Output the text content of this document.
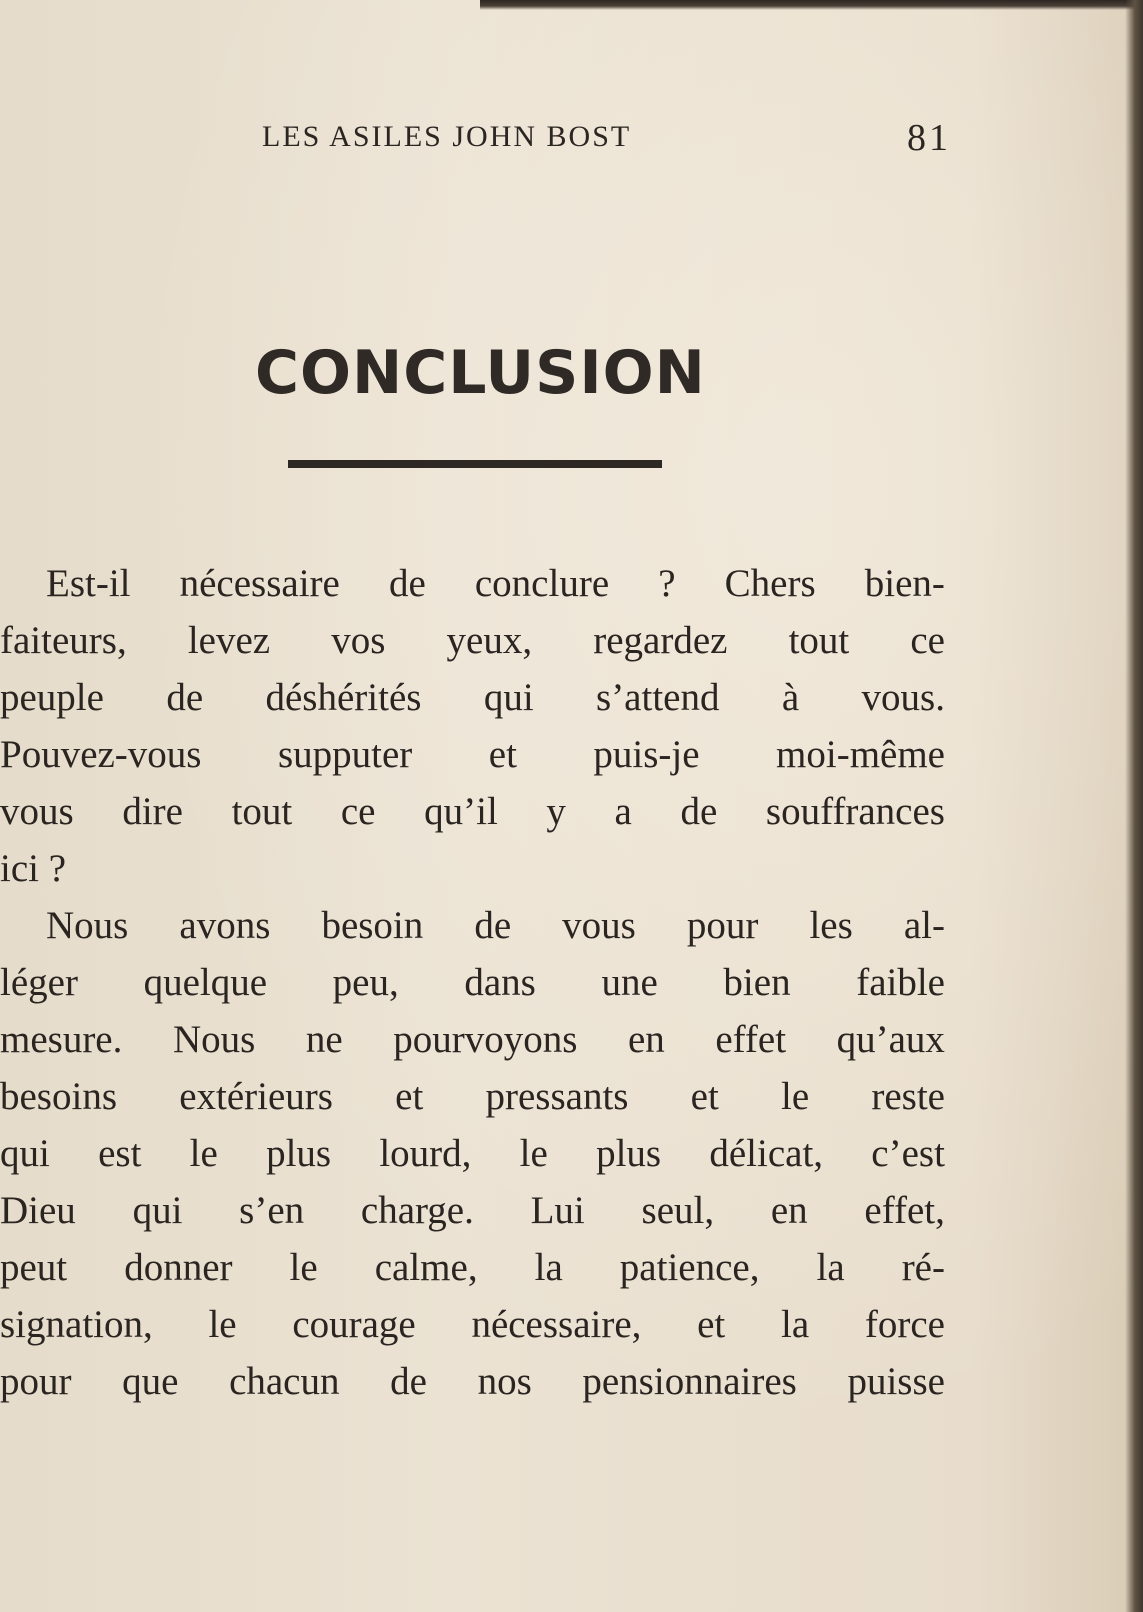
LES ASILES JOHN BOST	81
CONCLUSION
Est-il nécessaire de conclure ? Chers bien-
faiteurs, levez vos yeux, regardez tout ce
peuple de déshérités qui s’attend à vous.
Pouvez-vous supputer et puis-je moi-même
vous dire tout ce qu’il y a de souffrances
ici ?
Nous avons besoin de vous pour les al-
léger quelque peu, dans une bien faible
mesure. Nous ne pourvoyons en effet qu’aux
besoins extérieurs et pressants et le reste
qui est le plus lourd, le plus délicat, c’est
Dieu qui s’en charge. Lui seul, en effet,
peut donner le calme, la patience, la ré-
signation, le courage nécessaire, et la force
pour que chacun de nos pensionnaires puisse
